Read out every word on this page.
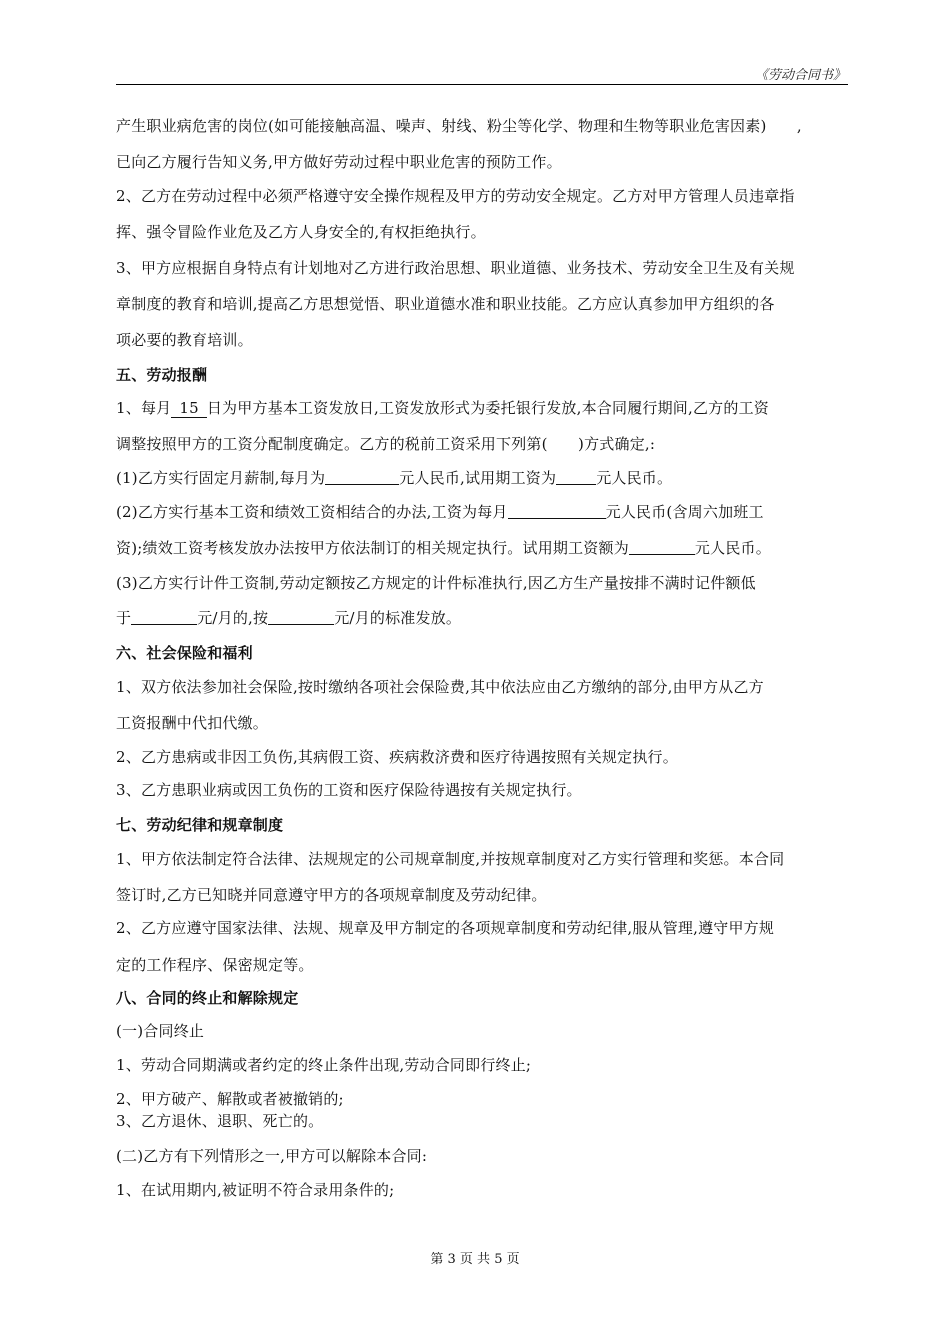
《劳动合同书》
产生职业病危害的岗位(如可能接触高温、噪声、射线、粉尘等化学、物理和生物等职业危害因素)　　,
已向乙方履行告知义务,甲方做好劳动过程中职业危害的预防工作。
2、乙方在劳动过程中必须严格遵守安全操作规程及甲方的劳动安全规定。乙方对甲方管理人员违章指
挥、强令冒险作业危及乙方人身安全的,有权拒绝执行。
3、甲方应根据自身特点有计划地对乙方进行政治思想、职业道德、业务技术、劳动安全卫生及有关规
章制度的教育和培训,提高乙方思想觉悟、职业道德水准和职业技能。乙方应认真参加甲方组织的各
项必要的教育培训。
五、劳动报酬
1、每月 15 日为甲方基本工资发放日,工资发放形式为委托银行发放,本合同履行期间,乙方的工资
调整按照甲方的工资分配制度确定。乙方的税前工资采用下列第(　　)方式确定,:
(1)乙方实行固定月薪制,每月为	元人民币,试用期工资为	元人民币。
(2)乙方实行基本工资和绩效工资相结合的办法,工资为每月	元人民币(含周六加班工
资);绩效工资考核发放办法按甲方依法制订的相关规定执行。试用期工资额为	元人民币。
(3)乙方实行计件工资制,劳动定额按乙方规定的计件标准执行,因乙方生产量按排不满时记件额低
于	元/月的,按	元/月的标准发放。
六、社会保险和福利
1、双方依法参加社会保险,按时缴纳各项社会保险费,其中依法应由乙方缴纳的部分,由甲方从乙方
工资报酬中代扣代缴。
2、乙方患病或非因工负伤,其病假工资、疾病救济费和医疗待遇按照有关规定执行。
3、乙方患职业病或因工负伤的工资和医疗保险待遇按有关规定执行。
七、劳动纪律和规章制度
1、甲方依法制定符合法律、法规规定的公司规章制度,并按规章制度对乙方实行管理和奖惩。本合同
签订时,乙方已知晓并同意遵守甲方的各项规章制度及劳动纪律。
2、乙方应遵守国家法律、法规、规章及甲方制定的各项规章制度和劳动纪律,服从管理,遵守甲方规
定的工作程序、保密规定等。
八、合同的终止和解除规定
(一)合同终止
1、劳动合同期满或者约定的终止条件出现,劳动合同即行终止;
2、甲方破产、解散或者被撤销的;
3、乙方退休、退职、死亡的。
(二)乙方有下列情形之一,甲方可以解除本合同:
1、在试用期内,被证明不符合录用条件的;
第 3 页 共 5 页
